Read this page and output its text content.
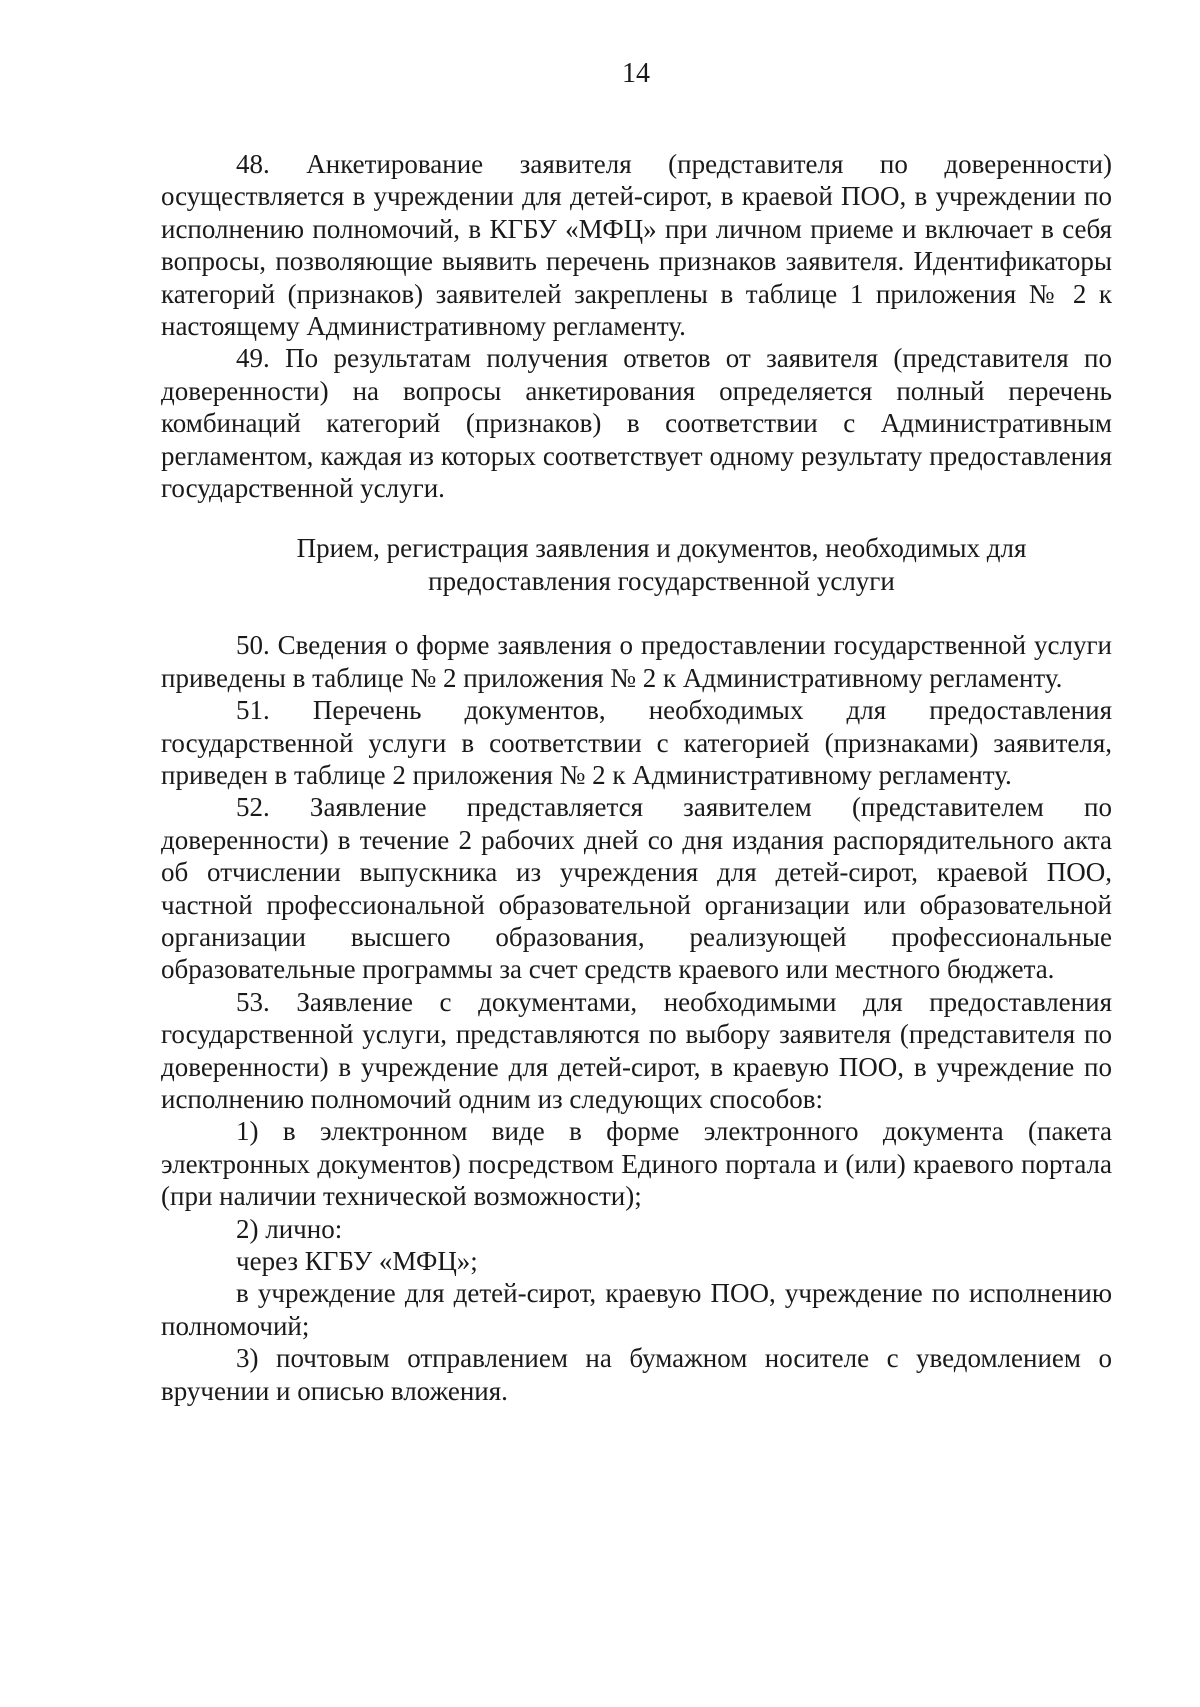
14

48. Анкетирование заявителя (представителя по доверенности) осуществляется в учреждении для детей-сирот, в краевой ПОО, в учреждении по исполнению полномочий, в КГБУ «МФЦ» при личном приеме и включает в себя вопросы, позволяющие выявить перечень признаков заявителя. Идентификаторы категорий (признаков) заявителей закреплены в таблице 1 приложения № 2 к настоящему Административному регламенту.

49. По результатам получения ответов от заявителя (представителя по доверенности) на вопросы анкетирования определяется полный перечень комбинаций категорий (признаков) в соответствии с Административным регламентом, каждая из которых соответствует одному результату предоставления государственной услуги.

Прием, регистрация заявления и документов, необходимых для предоставления государственной услуги

50. Сведения о форме заявления о предоставлении государственной услуги приведены в таблице № 2 приложения № 2 к Административному регламенту.

51. Перечень документов, необходимых для предоставления государственной услуги в соответствии с категорией (признаками) заявителя, приведен в таблице 2 приложения № 2 к Административному регламенту.

52. Заявление представляется заявителем (представителем по доверенности) в течение 2 рабочих дней со дня издания распорядительного акта об отчислении выпускника из учреждения для детей-сирот, краевой ПОО, частной профессиональной образовательной организации или образовательной организации высшего образования, реализующей профессиональные образовательные программы за счет средств краевого или местного бюджета.

53. Заявление с документами, необходимыми для предоставления государственной услуги, представляются по выбору заявителя (представителя по доверенности) в учреждение для детей-сирот, в краевую ПОО, в учреждение по исполнению полномочий одним из следующих способов:

1) в электронном виде в форме электронного документа (пакета электронных документов) посредством Единого портала и (или) краевого портала (при наличии технической возможности);

2) лично:

через КГБУ «МФЦ»;

в учреждение для детей-сирот, краевую ПОО, учреждение по исполнению полномочий;

3) почтовым отправлением на бумажном носителе с уведомлением о вручении и описью вложения.
